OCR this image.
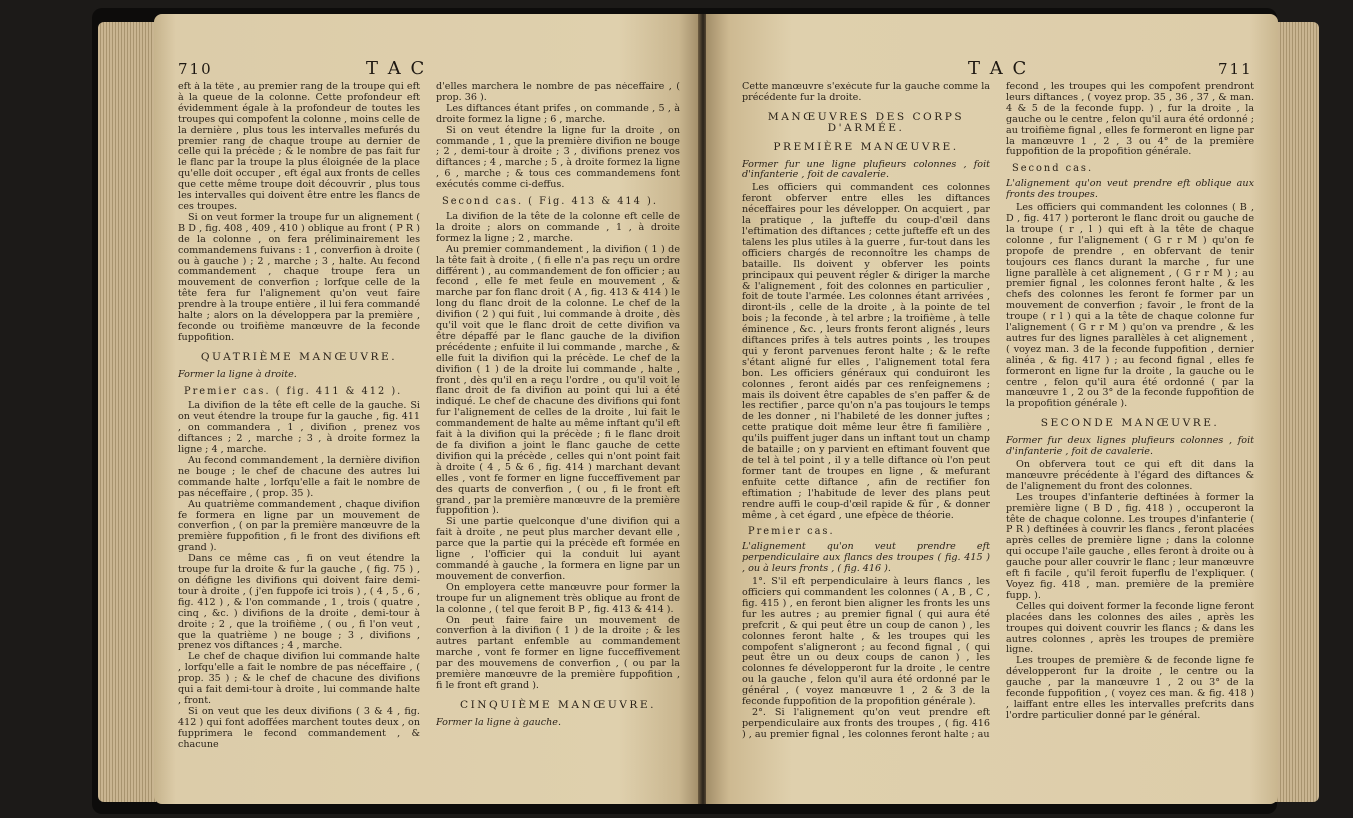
710	T A C

eft à la tête , au premier rang de la troupe qui eft à la queue de la colonne. Cette profondeur eft évidemment égale à la profondeur de toutes les troupes qui compofent la colonne , moins celle de la dernière , plus tous les intervalles mefurés du premier rang de chaque troupe au dernier de celle qui la précède ; & le nombre de pas fait fur le flanc par la troupe la plus éloignée de la place qu'elle doit occuper , eft égal aux fronts de celles que cette même troupe doit découvrir , plus tous les intervalles qui doivent être entre les flancs de ces troupes.

Si on veut former la troupe fur un alignement ( B D , fig. 408 , 409 , 410 ) oblique au front ( P R ) de la colonne , on fera préliminairement les commandemens fuivans : 1 , converfion à droite ( ou à gauche ) ; 2 , marche ; 3 , halte. Au fecond commandement , chaque troupe fera un mouvement de converfion ; lorfque celle de la tête fera fur l'alignement qu'on veut faire prendre à la troupe entière , il lui fera commandé halte ; alors on la développera par la première , feconde ou troifième manœuvre de la feconde fuppofition.

QUATRIÈME MANŒUVRE.
Former la ligne à droite.
Premier cas. ( fig. 411 & 412 ).

La divifion de la tête eft celle de la gauche. Si on veut étendre la troupe fur la gauche , fig. 411 , on commandera , 1 , divifion , prenez vos diftances ; 2 , marche ; 3 , à droite formez la ligne ; 4 , marche.

Au fecond commandement , la dernière divifion ne bouge ; le chef de chacune des autres lui commande halte , lorfqu'elle a fait le nombre de pas néceffaire , ( prop. 35 ).

Au quatrième commandement , chaque divifion fe formera en ligne par un mouvement de converfion , ( on par la première manœuvre de la première fuppofition , fi le front des divifions eft grand ).

Dans ce même cas , fi on veut étendre la troupe fur la droite & fur la gauche , ( fig. 75 ) , on défigne les divifions qui doivent faire demi-tour à droite , ( j'en fuppofe ici trois ) , ( 4 , 5 , 6 , fig. 412 ) , & l'on commande , 1 , trois ( quatre , cinq , &c. ) divifions de la droite , demi-tour à droite ; 2 , que la troifième , ( ou , fi l'on veut , que la quatrième ) ne bouge ; 3 , divifions , prenez vos diftances ; 4 , marche.

Le chef de chaque divifion lui commande halte , lorfqu'elle a fait le nombre de pas néceffaire , ( prop. 35 ) ; & le chef de chacune des divifions qui a fait demi-tour à droite , lui commande halte , front.

Si on veut que les deux divifions ( 3 & 4 , fig. 412 ) qui font adoffées marchent toutes deux , on fupprimera le fecond commandement , & chacune

d'elles marchera le nombre de pas néceffaire , ( prop. 36 ).

Les diftances étant prifes , on commande , 5 , à droite formez la ligne ; 6 , marche.

Si on veut étendre la ligne fur la droite , on commande , 1 , que la première divifion ne bouge ; 2 , demi-tour à droite ; 3 , divifions prenez vos diftances ; 4 , marche ; 5 , à droite formez la ligne , 6 , marche ; & tous ces commandemens font exécutés comme ci-deffus.

Second cas. ( Fig. 413 & 414 ).

La divifion de la tête de la colonne eft celle de la droite ; alors on commande , 1 , à droite formez la ligne ; 2 , marche.

Au premier commandement , la divifion ( 1 ) de la tête fait à droite , ( fi elle n'a pas reçu un ordre différent ) , au commandement de fon officier ; au fecond , elle fe met feule en mouvement , & marche par fon flanc droit ( A , fig. 413 & 414 ) le long du flanc droit de la colonne. Le chef de la divifion ( 2 ) qui fuit , lui commande à droite , dès qu'il voit que le flanc droit de cette divifion va être dépaffé par le flanc gauche de la divifion précédente ; enfuite il lui commande , marche , & elle fuit la divifion qui la précède. Le chef de la divifion ( 1 ) de la droite lui commande , halte , front , dès qu'il en a reçu l'ordre , ou qu'il voit le flanc droit de fa divifion au point qui lui a été indiqué. Le chef de chacune des divifions qui font fur l'alignement de celles de la droite , lui fait le commandement de halte au même inftant qu'il eft fait à la divifion qui la précède ; fi le flanc droit de fa divifion a joint le flanc gauche de cette divifion qui la précède , celles qui n'ont point fait à droite ( 4 , 5 & 6 , fig. 414 ) marchant devant elles , vont fe former en ligne fucceffivement par des quarts de converfion , ( ou , fi le front eft grand , par la première manœuvre de la première fuppofition ).

Si une partie quelconque d'une divifion qui a fait à droite , ne peut plus marcher devant elle , parce que la partie qui la précède eft formée en ligne , l'officier qui la conduit lui ayant commandé à gauche , la formera en ligne par un mouvement de converfion.

On employera cette manœuvre pour former la troupe fur un alignement très oblique au front de la colonne , ( tel que feroit B P , fig. 413 & 414 ).

On peut faire faire un mouvement de converfion à la divifion ( 1 ) de la droite ; & les autres partant enfemble au commandement marche , vont fe former en ligne fucceffivement par des mouvemens de converfion , ( ou par la première manœuvre de la première fuppofition , fi le front eft grand ).

CINQUIÈME MANŒUVRE.
Former la ligne à gauche.
T A C	711

Cette manœuvre s'exécute fur la gauche comme la précédente fur la droite.

MANŒUVRES DES CORPS D'ARMÉE.
PREMIÈRE MANŒUVRE.
Former fur une ligne plufieurs colonnes , foit d'infanterie , foit de cavalerie.

Les officiers qui commandent ces colonnes feront obferver entre elles les diftances néceffaires pour les développer. On acquiert , par la pratique , la jufteffe du coup-d'œil dans l'eftimation des diftances ; cette jufteffe eft un des talens les plus utiles à la guerre , fur-tout dans les officiers chargés de reconnoître les champs de bataille. Ils doivent y obferver les points principaux qui peuvent régler & diriger la marche & l'alignement , foit des colonnes en particulier , foit de toute l'armée. Les colonnes étant arrivées , diront-ils , celle de la droite , à la pointe de tel bois ; la feconde , à tel arbre ; la troifième , à telle éminence , &c. , leurs fronts feront alignés , leurs diftances prifes à tels autres points , les troupes qui y feront parvenues feront halte ; & le refte s'étant aligné fur elles , l'alignement total fera bon. Les officiers généraux qui conduiront les colonnes , feront aidés par ces renfeignemens ; mais ils doivent être capables de s'en paffer & de les rectifier , parce qu'on n'a pas toujours le temps de les donner , ni l'habileté de les donner juftes ; cette pratique doit même leur être fi familière , qu'ils puiffent juger dans un inftant tout un champ de bataille ; on y parvient en eftimant fouvent que de tel à tel point , il y a telle diftance où l'on peut former tant de troupes en ligne , & mefurant enfuite cette diftance , afin de rectifier fon eftimation ; l'habitude de lever des plans peut rendre auffi le coup-d'œil rapide & fûr , & donner même , à cet égard , une efpèce de théorie.

Premier cas.
L'alignement qu'on veut prendre eft perpendiculaire aux flancs des troupes ( fig. 415 ) , ou à leurs fronts , ( fig. 416 ).

1°. S'il eft perpendiculaire à leurs flancs , les officiers qui commandent les colonnes ( A , B , C , fig. 415 ) , en feront bien aligner les fronts les uns fur les autres ; au premier fignal ( qui aura été prefcrit , & qui peut être un coup de canon ) , les colonnes feront halte , & les troupes qui les compofent s'aligneront ; au fecond fignal , ( qui peut être un ou deux coups de canon ) , les colonnes fe développeront fur la droite , le centre ou la gauche , felon qu'il aura été ordonné par le général , ( voyez manœuvre 1 , 2 & 3 de la feconde fuppofition de la propofition générale ).

2°. Si l'alignement qu'on veut prendre eft perpendiculaire aux fronts des troupes , ( fig. 416 ) , au premier fignal , les colonnes feront halte ; au

fecond , les troupes qui les compofent prendront leurs diftances , ( voyez prop. 35 , 36 , 37 , & man. 4 & 5 de la feconde fupp. ) , fur la droite , la gauche ou le centre , felon qu'il aura été ordonné ; au troifième fignal , elles fe formeront en ligne par la manœuvre 1 , 2 , 3 ou 4° de la première fuppofition de la propofition générale.

Second cas.
L'alignement qu'on veut prendre eft oblique aux fronts des troupes.

Les officiers qui commandent les colonnes ( B , D , fig. 417 ) porteront le flanc droit ou gauche de la troupe ( r , l ) qui eft à la tête de chaque colonne , fur l'alignement ( G r r M ) qu'on fe propofe de prendre , en obfervant de tenir toujours ces flancs durant la marche , fur une ligne parallèle à cet alignement , ( G r r M ) ; au premier fignal , les colonnes feront halte , & les chefs des colonnes les feront fe former par un mouvement de converfion ; favoir , le front de la troupe ( r l ) qui a la tête de chaque colonne fur l'alignement ( G r r M ) qu'on va prendre , & les autres fur des lignes parallèles à cet alignement , ( voyez man. 3 de la feconde fuppofition , dernier alinéa , & fig. 417 ) ; au fecond fignal , elles fe formeront en ligne fur la droite , la gauche ou le centre , felon qu'il aura été ordonné ( par la manœuvre 1 , 2 ou 3° de la feconde fuppofition de la propofition générale ).

SECONDE MANŒUVRE.
Former fur deux lignes plufieurs colonnes , foit d'infanterie , foit de cavalerie.

On obfervera tout ce qui eft dit dans la manœuvre précédente à l'égard des diftances & de l'alignement du front des colonnes.

Les troupes d'infanterie deftinées à former la première ligne ( B D , fig. 418 ) , occuperont la tête de chaque colonne. Les troupes d'infanterie ( P R ) deftinées à couvrir les flancs , feront placées après celles de première ligne ; dans la colonne qui occupe l'aile gauche , elles feront à droite ou à gauche pour aller couvrir le flanc ; leur manœuvre eft fi facile , qu'il feroit fuperflu de l'expliquer. ( Voyez fig. 418 , man. première de la première fupp. ).

Celles qui doivent former la feconde ligne feront placées dans les colonnes des ailes , après les troupes qui doivent couvrir les flancs ; & dans les autres colonnes , après les troupes de première ligne.

Les troupes de première & de feconde ligne fe développeront fur la droite , le centre ou la gauche , par la manœuvre 1 , 2 ou 3° de la feconde fuppofition , ( voyez ces man. & fig. 418 ) , laiffant entre elles les intervalles prefcrits dans l'ordre particulier donné par le général.
